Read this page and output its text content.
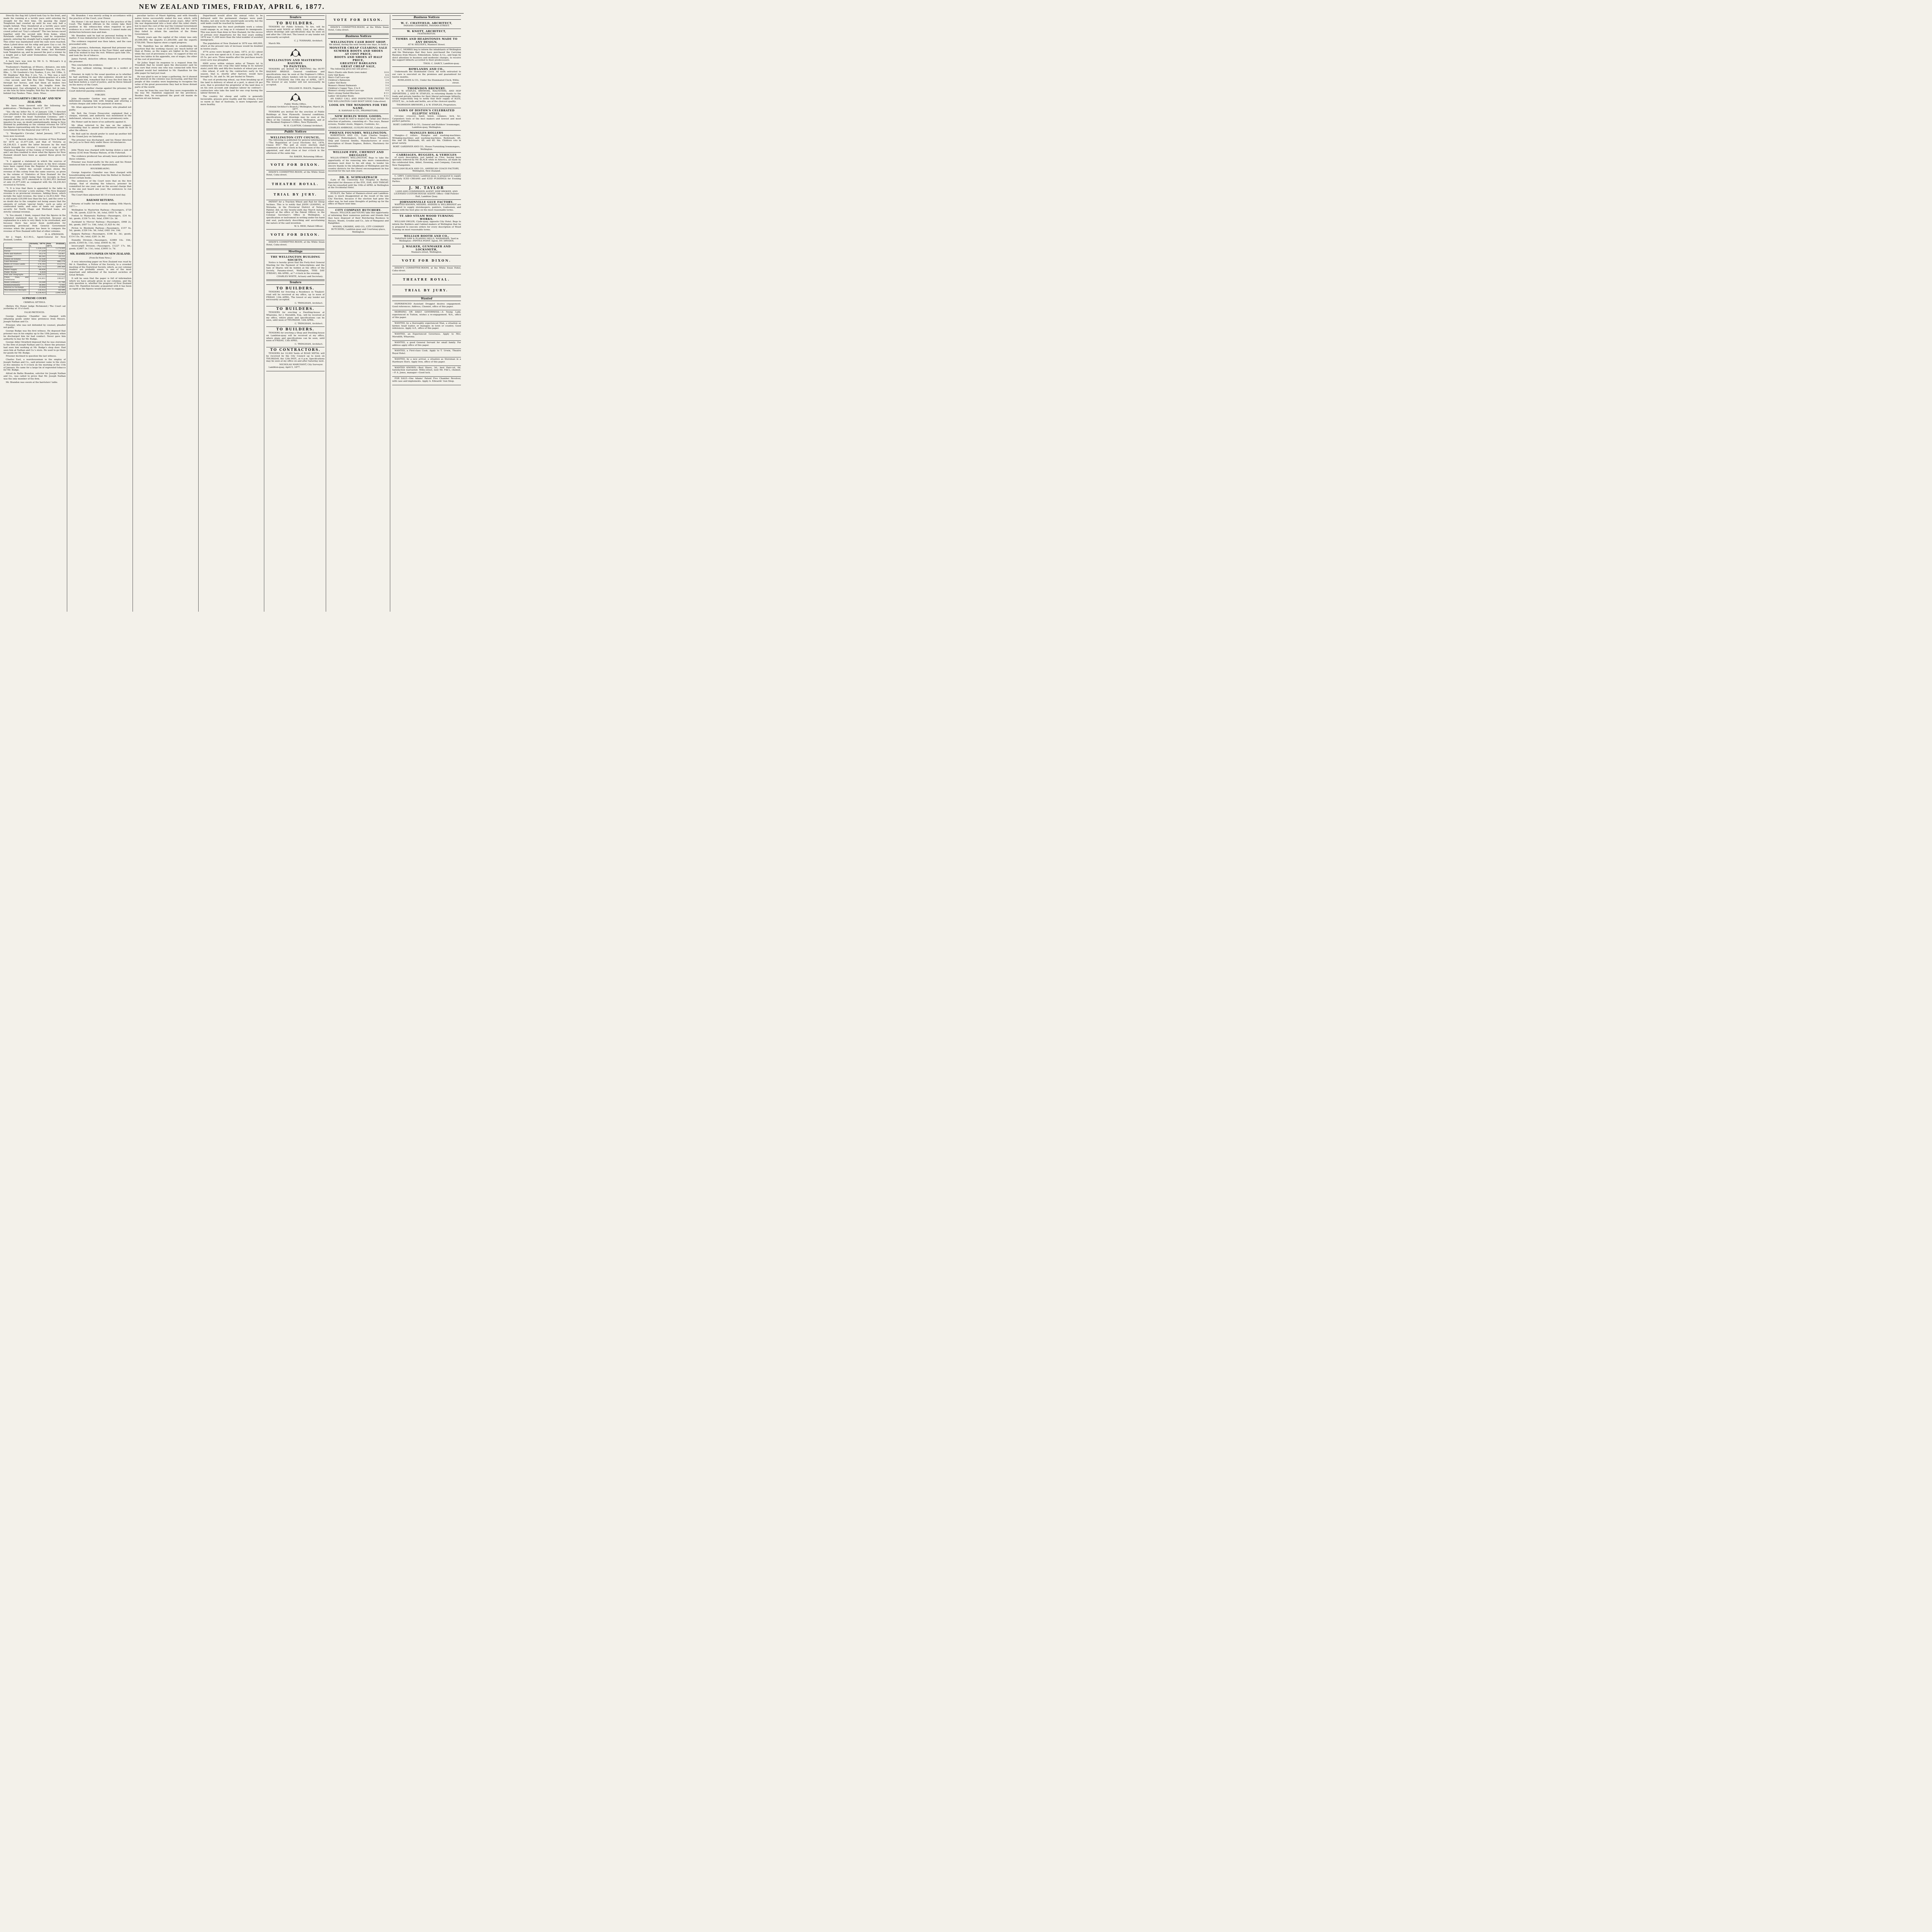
NEW ZEALAND TIMES, FRIDAY, APRIL 6, 1877.

Directly the flag fell Lyford took Guy to the front, and made the running at a terrific pace until entering the straight for the first time. On passing the stand Templeton had crawled up until he was only half a length behind. They thundered at a terrific pace until the mile and a half post had been passed, when the crowd yelled out "Guy's collared!" The two horses raced together until the second mile from home, when Rowlands called upon Templeton, and he responded gamely, entering the straight half a length ahead of Guy. This order was maintained until the rails were reached, when Lyford drew out his whip and gave Guy a cut. He made a desperate effort to get on even terms with Templeton twelve lengths from home; but Rowlands took Templeton up, and he passed the post a winner by a length and a half amid tremendous cheering. Time, 5min. 30½sec.

A hack race was won by Mr G. G. McLean's b g Trooper. Nine started.

Tradesmen's Handicap, of 60sovs.; distance, one mile and a half. Six started. Mr Dalamain's Titania, 3 yrs, 6st. 8lbs., 1; Mr Goodwin's Guy Fawkes, 5 yrs, 9st 10lbs, 2; Mr Stephens' Rob Roy, 5 yrs, 7st., 3. This was a well contested race. Terry led about three-quarters of a mile—Guy second, and Rob Roy third. Titania then ran through her horses, and had them all beaten two hundred yards from home. Six lengths from the winning-post, Guy attempted to catch her, but in vain, as she won by three lengths; Rob Roy the same distance behind Guy Fawkes. Time, 2min. 50sec.

"WESTGARTH'S CIRCULAR" AND NEW ZEALAND.

We have been favored with the following for publication:—"Wellington, March 27, 1877.

"Sir,—By my letter No. 9, of January 12th, I directed your attention to the statistics published in 'Westgarth's Circular' under the head 'Australian Colonies,' and I requested that you would point out to Mr Westgarth the injustice he was, no doubt unintentionally, doing to New Zealand by publishing as the colonial revenue for 1876 the figures representing only the revenue of the General Government for the financial year 1873-4.

"2. 'Westgarth's Circular,' dated January, 1877, has been now received.

"3. A table therein states the revenue of New Zealand for 1875 as £1,677,226, and that of Victoria as £4,236,423. I quote the latter because by the mail which brought the circular I received a copy of the 'Statistical Register of the Colony of Victoria' for 1875; and I am thus enabled to show what the figures for New Zealand should have been as against those given for Victoria.

"4. I append a statement in which the sources of revenue and the amounts set down in the first column have been copied from the Register of Victoria above referred to, whilst the second column shows the revenue of this colony from the same sources, as given in the volume of 'Statistics of New Zealand' for the same year, the result being that the receipts in New Zealand during 1875 amounted to £2,841,953 (instead of only £1,677,226) as compared with the £4,236,423 received in Victoria.

"5. It is true that there is appended to the table in 'Westgarth's Circular' a note stating—'The New Zealand revenue is ex provincial revenues. Adding these, which include the land revenue, the total is £2,813,928.' This is still nearly £30,000 less than the fact, and the error is no doubt due to the compiler not being aware that the amounts of certain 'special funds,' such as sales of confiscated lands, and sales of lands set apart as security for North Otago and Westland loans, are strictly colonial revenue.

"6. You should, I think, request that the figures in the tabulated statement may be corrected, because an explanation in a note is very likely to be overlooked, and because there has never been justification for separating provincial from General Government revenue when the purpose has been to compare the revenue of New Zealand with that of other colonies.

H. A. ATKINSON.

Sir J. Vogel, K.C.M.G., Agent-General for New Zealand, London.

	Victoria, 1874-5.	New Zealand, 1875.
Customs	1,638,234	1,274,400
Excise	27,219	27,211
Ports and Harbors	10,270	18,067
Licenses	46,543	29,151
Duties on Estates	32,526	7,670
Land Revenue	757,659	486,278
Rents of Crown Lands	174,193	112,172
Railways	921,713	289,369
Water Supply	88,856	—
Public Works	6,834	—
Post and Telegraphs	198,325	133,091
Fines, Fees, and Forfeitures	116,831	199,827
Rents (ordinary)	19,509	21,700
Reimbursements	36,845	5,542
Interest & Exchange	25,034	62,060
Miscellaneous Receipts	136,432	64,590
	4,236,423	2,841,953
SUPREME COURT.
CRIMINAL SITTINGS.

(Before His Honor Judge Richmond.) The Court sat yesterday at 10 o'clock.

FALSE PRETENCES.

George Augustus Chandler was charged with obtaining goods under false pretences from Messrs. Joseph Nathan and Co.

Prisoner, who was not defended by counsel, pleaded not guilty.

George Budge was the first witness. He deposed that prisoner was in his employ up to the 10th January, when he discharged him for bad conduct. Never gave him authority to buy for Mr. Budge.

George Alder Stratford deposed that he was storeman to the firm of Joseph Nathan and Co. Knew the prisoner; had seen him working at Mr. Budge's shop door. Had seen him at Nathan and Co.'s store. He used to go there for goods for Mr. Budge.

Prisoner declined to question the last witness.

Charles East, a warehouseman in the employ of Joseph Nathan and Co., said prisoner came to the store at five minutes to 9 o'clock on the morning of the 11th of January. He came for a large tin of regrowled tobacco for Mr. Budge.

Alfred de Bathe Brandon, solicitor for Joseph Nathan and Co., was called to prove that Mr. Joseph Nathan was the only member of the firm.

Mr. Brandon was sworn at the barristers' table.

Mr. Brandon: I was merely acting in accordance with the practice of the Court, your Honor.

His Honor: I do not know that it is the practice of the Court. The highest officials in the colony take their position in the witness-box when required to give evidence in a court of law. Moreover, I cannot make any distinction between man and man.

Mr. Brandon said he had no personal feeling in the matter. It was immaterial to him where he was sworn.

The evidence required was then taken, and the case proceeded with.

John Lawrence, fisherman, deposed that prisoner was selling the tobacco to men in the Fuor Hotel, and asked him if he wished to buy the rest. Witness gave him 10s., and took the tin of tobacco.

James Farrell, detective officer, deposed to arresting the prisoner.

This concluded the evidence.

The jury, without retiring, brought in a verdict of guilty.

Prisoner, in reply to the usual question as to whether he had anything to say why sentence should not be passed upon him, remarked that it was the first time he had been before a court of justice, and he threw himself on the mercy of the Court.

There being another charge against the prisoner, the Court deferred passing sentence.

FORGERY.

John Alexander Gordon was arraigned upon an indictment charging him with forging and uttering a certain cheque and order for payment of money.

Mr. Allan appeared for the prisoner, who pleaded not guilty.

Mr. Bell, the Crown Prosecutor, explained that a cheque, warrant, and authority was mentioned in the indictment, whereas, in fact, it was a promissory note.

His Honor said he knew of no authority against it.

Mr. Allan referred to the law on the subject, contending that to amend the indictment would be to alter the offence.

Mr. Bell said he should prefer to send up another bill to the Grand Jury on Saturday.

The prisoner was discharged, and his Honor directed the jury as to their duty under these circumstances.

ROBBERY.

John Thorp was charged with having stolen a sum of money (£16) from Thomas Watson, of the Fuhrstall.

The evidence produced has already been published in these columns.

Prisoner was found guilty by the jury, and his Honor sentenced him to six months' imprisonment.

HOUSEBREAKING.

George Augustus Chandler was then charged with housebreaking and stealing from the Bethel in Herbert-street certain books.

The sentences of the Court were that on the first charge, that of stealing the tobacco, prisoner be committed for one year; and on the second charge that is the one just heard one year; the sentences to run concurrently.

The Court then adjourned till 10 o'clock next day.

RAILWAY RETURNS.

Returns of traffic for four weeks ending 10th March, 1877:—

Wellington to Masterton Railway.—Passengers, £729 18s. 5d.; goods, £225 9s. 3d.; total, £955 7s. 8d.

Foxton to Manawatu Railway.—Passengers, £34 4s. 4d.; goods, £336 7s. 6d.; total, £590 12s. 3d.

Auckland to Mercer Railway.—Passengers, £968 2s. 8d.; goods, £657 1s. 10d.; total, £1,625 4s. 6d.

Picton to Blenheim Railway.—Passengers, £157 0s. 5d.; goods, £326 14s. 5d.; total, £483 14s. 10d.

Kaipara Railway.—Passengers, £166 8s. 3d.; goods, £114 15s. 5d.; total, £281 3s. 8d.

Dunedin Division.—Passengers, £2989 14s. 10d.; goods, £3505 8s. 11d.; total, £6495 4s. 9d.

Invercargill Division.—Passengers, £1227 17s. 8d.; goods, £2467 3s. 11d.; total, £3695 1s. 7d.

MR. HAMILTON'S PAPER ON NEW ZEALAND.
(From the Home News.)

A very interesting paper on New Zealand was read by Mr A. Hamilton, a Fellow of the Society, to a crowded meeting of the Statistical Society, which, as our colonial readers are probably aware, is one of the most important and influential of the learned societies of Great Britain.

It will be seen that the paper is full of information which we have already given in our columns, and the only question is, whether the progress of New Zealand since Mr. Hamilton became acquainted with it has been as rapid as the figures would lead one to suppose.

peculiar tactics of Maori fighting, and with friendly native levies successfully ended the war, which, with some intervals, had continued seven years. After 1870 the war degenerated into a hunt after the rebel chiefs; but to meet the cost of the war the Colonial Government decided to raise a loan of £1,000,000, but for which they failed to obtain the sanction of the Home Government.

Twenty years ago the capital of the colony was only £4,000,000; the imports £1,200,000; and the exports £700,000. These figures show a rapid progress.

"Mr. Hamilton has no difficulty in establishing his assertion that the working classes are 'much better off than at Home, as the wages are higher in the colony, while the cost of provisions is less.' In support of this we have two tables in the appendix, one of wages, the other of the cost of provisions.

Sir Julius Vogel (in response to a request from the President that he would open the discussion) said he was sure that every one who was connected with New Zealand would feel indebted to Mr. Hamilton for the able paper he had just read.

He was glad to see so large a gathering, for it showed that interest in the colonies was increasing, and that the people of this country were beginning to recognise the value of the great possessions they had in those distant parts of the world.

It was far from the case that they were responsible in the way Mr. Hamilton supposed for the provinces. Besides that, he recognised the good old maxim de mortuis nil nisi bonum.

Department would allow the annual votes to be defrayed until the permanent charges were paid. Besides, not only were the unsold lands security, but the sold lands could be reached by taxation.

Immigration was the most profitable work a colony could engage in, as long as it retained its immigrants. This was more than done in New Zealand, for the excess of arrivals over departures for the four years ending 1876 was 11,400 more than the total number of assisted immigrants.

The population of New Zealand in 1876 was 400,000, which at the present rate of increase would be doubled in twelve years.

4774 acres were bought in June, 1873, at £2—about 10s. an acre was spent on it. It was sold in July, 1876, at £5 5s. per acre. Three months after the purchase nearly every acre was ploughed.

6000 acres within sixteen miles of Timaru let to contractors for one crop (the land being in its natural state) yield fifty and fifty-five bushels of wheat per acre—this wheat, if sold by the contractors early in the season, that is, shortly after harvest, would have brought 5s. 3d. and 5s. 9d. per bushel in Timaru.

The cost of producing wheat, say from breaking up of the land to delivery of wheat at a port, is about £4 per acre, that is provided the proprietor of the land does it on his own account and employs labour by contract—contractors who take the land for one crop having the labour thrown in.

The country for sheep and cattle is generally favourable, grasses grow readily, and the climate, if not so warm as that of Australia, is more temperate and more healthy.

Tenders
TO BUILDERS.

TENDERS for Public Schools, Te Aro, will be received until NOON of APRIL 23rd, at my office, where drawings and specifications may be seen on and after the 13th inst. The lowest or any tender not necessarily accepted.

C. J. TOXWARD, Architect.

March 9th.

WELLINGTON AND MASTERTON RAILWAY.
TO PAINTERS.

TENDERS are invited for PAINTING the HUTT RAILWAY BRIDGE. General conditions and specifications may be seen at the Engineer's Office, Pipitea-point, where tenders will be received up to NOON of TUESDAY, the 10th day of APRIL, 1877. The lowest or any tender will not necessarily be accepted.

WILLIAM H. HALES, Engineer.
Public Works Office,
(Colonial Architect's Branch,) Wellington, March 26, 1877.

TENDERS are invited for the erection of Public Buildings at New Plymouth. General conditions, specifications, and drawings may be seen at the office of the Colonial Architect, Wellington, and at the Resident Engineer's Office, New Plymouth.

W. H. CLAYTON, Colonial Architect.
Public Notices
WELLINGTON CITY COUNCIL.

The following is published for general information:—"The Regulation of Local Elections Act, 1876, Clause XVI." The poll at every election shall commence at nine o'clock in the forenoon of the day appointed, and shall close at four o'clock in the afternoon of the same day.

Ed. BAKER, Returning Officer.
VOTE FOR DIXON.

DIXON'S COMMITTEE-ROOM, at the White Swan Hotel, Cuba-street.

THEATRE ROYAL.
TRIAL BY JURY.

PATENT for a Traction Wheel and Rail for Steep Inclines. This is to notify that JOHN LEANING, of Motueka, in the Provincial District of Nelson, Painter, did, on the twenty-sixth day March instant, deposit at the office of the Patent Officer, in the Colonial Secretary's Office in Wellington, a specification or instrument in writing under his hand and seal, particularly describing and ascertaining the nature of the said invention.

W. S. REID, Patent Officer.
VOTE FOR DIXON.

DIXON'S COMMITTEE-ROOM, at the White Swan Hotel, Cuba-street.

Meetings
THE WELLINGTON BUILDING SOCIETY.

Notice is hereby given that the Forty-first General Meeting for the Payment of Subscriptions and the Sale of Shares will be holden at the office of the Society, Panama-street, Wellington, THIS DAY (FRIDAY), 6th APRIL, at 7 o'clock in the evening.

CHARLES WHITE, Actuary and Secretary.
Tenders
TO BUILDERS.

TENDERS for Erecting a Residence in Tinakori-road will be received at my office, up to noon of FRIDAY, 13th APRIL. The lowest or any tender not necessarily accepted.

C. TRINGHAM, Architect.
TO BUILDERS.

TENDERS for erecting a Dwelling-house at Wharemu, for J. Meredith, Esq., will be received at my office, where plans and specifications can be seen, until noon of THURSDAY, 12th APRIL.

C. TRINGHAM, Architect.
TO BUILDERS.

TENDERS for erecting a Shop and Dwelling-house on Lambton-quay will be received at my office, where plans and specifications can be seen, until noon of FRIDAY, 13th APRIL.

C. TRINGHAM, Architect.
TO CONTRACTORS.

TENDERS for 10,000 Yards of ROAD METAL will be received by the City Council up to noon on THURSDAY, the 12th INST., at 4 p.m. Specifications may be seen at my office on and after Saturday next.

NICHOLAS MARCHANT, City Surveyor.

Lambton-quay, April 5, 1877.

VOTE FOR DIXON.

DIXON'S COMMITTEE-ROOM, at the White Swan Hotel, Cuba-street.

Business Notices
WELLINGTON CASH BOOT SHOP.
We intend, during the next twenty-one days, to hold a
MONSTER CHEAP CLEARING SALE
SUMMER BOOTS AND SHOES
AT COST PRICE,
BOOTS AND SHOES AT HALF PRICE,
GREATEST BARGAINS
GREAT CHEAP SALE,

The following price-list will prove:—

Men's Elastic-side Boots (own make)	10 6
Girls' Kid Boots	6 6
Men's Calf Lace-ups	12 6
Children's Balmorals	2 6
Ladies' Kid Boots	5 6
Women's Memel Balmorals	5 6
Children's Copper Toes, 4 to 6	3 0
Women's strong Leather Lace-ups	4 6
Men's strong Nailed Bluchers	8 11
Ladies' All-leather Boots	6 11

AN EARLY CALL AND INSPECTION INVITED TO THE WELLINGTON CASH BOOT SHOP, Cuba-street.

LOOK ON THE WINDOWS FOR THE NAME.
R. HANNAH & CO., PROPRIETORS.
NEW BERLIN WOOL GOODS.

Ladies would do well to inspect my large and choice selection of patterns, consisting of— Tea cosys, Bazaar screens, Fender stools, Slippers, Cushions, &c.

CHARLES AMBROSE, GUELPH HOUSE, Cuba-street.
PHŒNIX FOUNDRY, WELLINGTON.

ROBERTSON AND CO., (Late Charles Seager), Engineers, Boilermakers, Iron and Brass Founders, Ship and General Smiths, Manufacturers of every description of Steam Engines, Boilers, Machinery for Sawmills.

WILLIAM FIFE, CHEMIST AND DRUGGIST,

WILLIS-STREET, WELLINGTON. Begs to take the opportunity of his removing into more commodious premises next door to his old shop, to tender his sincere thanks to the inhabitants of Wellington and the country districts for the liberal encouragement he has received for the last nine years.

DR. R. SCHWARZBACH

(Late of the University Eye Hospital in Berlin), Specialist for diseases of the EYE, EAR, AND THROAT. Can be consulted until the 10th of APRIL in Wellington at the Occidental Hotel.

HUXLEY, the Tailor of Manners-street and Lambton-quay, is much disappointed at the result of the late City Election, because if the election had gone the other way, he had some thoughts of putting up for the office of Mayor next time.

CITY COMPANY BUTCHERY.

Messrs. POLLOCK and YOUNG take this opportunity of informing their numerous patrons and friends that they have disposed of their Butchering Business to Messrs. Woods, Crosbie and Co., late of Wanganui and Rangitikei.

WOODS, CROSBIE, AND CO., CITY COMPANY BUTCHERS, Lambton-quay and Courtenay-place, Wellington.
Business Notices
W. C. CHATFIELD, ARCHITECT,
PANAMA CHAMBERS, PANAMA-STREET.
W. KNOTT, ARCHITECT,
FEATHERSTON.
TOMBS AND HEADSTONES MADE TO ANY DESIGN,
AT W. HELYER'S, Manners Street.

W. & C. MORRIS beg to inform the inhabitants of Wellington and the Wairarapa that they have purchased the Carrying Business from Messrs. Edmondson, Sellar, & Co., and hope by strict attention to business and moderate charges, to receive the support hitherto accorded to their predecessors.

THOS. C. DARCY, Lambton-quay.
ROWLANDS AND CO.,

Underneath the Illuminated Clock. All work entrusted to our care is executed on the premises and guaranteed for twelve months.

ROWLANDS & CO., Under the Illuminated Clock, Willis-street.
THORNDON BREWERY.

J. & W. STAPLES, BREWERS, MALTSTERS, AND HOP IMPORTERS. J. AND W. STAPLES, in returning thanks to the trade and private families for their liberal patronage hitherto, would respectfully beg to notify that their supply of ALES, STOUT, &c., in bulk and bottle, are of the choicest quality.

THORNDON BREWERY, J. & W. STAPLES, Proprietors.
SAWS OF DISTON'S CELEBRATED ELLIPTIC STEEL.

Circular, crosscut, hand, tenon, compass, lock, &c. Carpenters tools of the best makers and newest and most perfect patterns.

ROBT. GARDINER & CO., General and Builders' Ironmonger, Lambton-quay, Wellington.
MANGLES ROLLERS

Mangles—2 rollers. Mangles and washing-machines. Wringing-machines and washing-machines. Bedsteads, 2ft. 6in. and 3ft. Bedsteads, 4ft. and 4ft. 6in. Children cots in great variety.

ROBT. GARDINER AND CO., House Furnishing Ironmongers, Wellington.
CARRIAGES, BUGGIES, & VEHICLES

of every description, just landed ex Clive, having been specially ordered by Mr. BLACK while in America, all made by the celebrated firm, Abbot, Downing, and Company, Concord, New Hampshire.

WILLIAM BLACK AND CO., AMERICAN COACH FACTORY, Wellington, New Zealand.

C. GREY, Confectioner, Lambton-quay, is prepared to supply regularly ICED CREAMS and ICED PUDDINGS for Evening Parties.

J. M. TAYLOR
LAND AND COMMISSION AGENT, SHIP BROKER, AND LICENSED CUSTOM-HOUSE AGENT. Office—Odd Fellows' Hall, Lambton Quay.
JOHNSONVILLE GLUE FACTORY.

WANTED KNOWN, MESSRS. ANDERS & WILLBRANDT are prepared to supply storekeepers, painters, tradesmen, and others with the best glue on the most reasonable terms.

TE ARO STEAM WOOD TURNING WORKS.

WILLIAM OWLER, Clyde-quay, opposite City Hotel. Begs to inform the Builders and Cabinet-makers of Wellington that he is prepared to execute orders for every description of Wood Turning on most reasonable terms.

WILLIAM BOOTH AND CO.,
TARATAHI SAW & PLANING MILLS, WAIRARAPA. Yard in Wellington—PIPITEA POINT. Agent, HY. DRYDEN.
J. WALKER, GUNMAKER AND LOCKSMITH,
Manners-street, Wellington.
VOTE FOR DIXON.

DIXON'S COMMITTEE-ROOM, at the White Swan Hotel, Cuba-street.

THEATRE ROYAL.
TRIAL BY JURY.
Wanted

EXPERIENCED Assistant Druggist desires engagement. Good references. Address, Chemist, office of this paper.

MORNING OR DAILY GOVERNESS.—A Young Lady, experienced in Tuition, wishes a re-engagement. W.A., office of this paper.

WANTED, by a thoroughly experienced Man, a situation as farmer, head waiter, or manager, in town or country. Good references. Apply A.Z., office of this paper.

WANTED, an Experienced Governess. Apply to Mrs. Meredith, Wharema.

WANTED, a good General Servant for small family. For address apply office of this paper.

WANTED, a First-class Cook. Apply to T. Urwin, Theatre Royal Hotel.

WANTED, by a new arrival, a situation as Storeman in a Hardware Store. Apply Iron, office of this paper.

WANTED KNOWN.—Best Shave, 3d.; best Hair-cut, 6d. Satisfaction warranted. Willis-street, next Mr. Fife's, chemist.—P. A. Jones, manager—Good luck.

FOR SALE—One Adams' Patent Five Chamber Revolver, with case and implements. Apply A. Edwards' Gun Shop.
